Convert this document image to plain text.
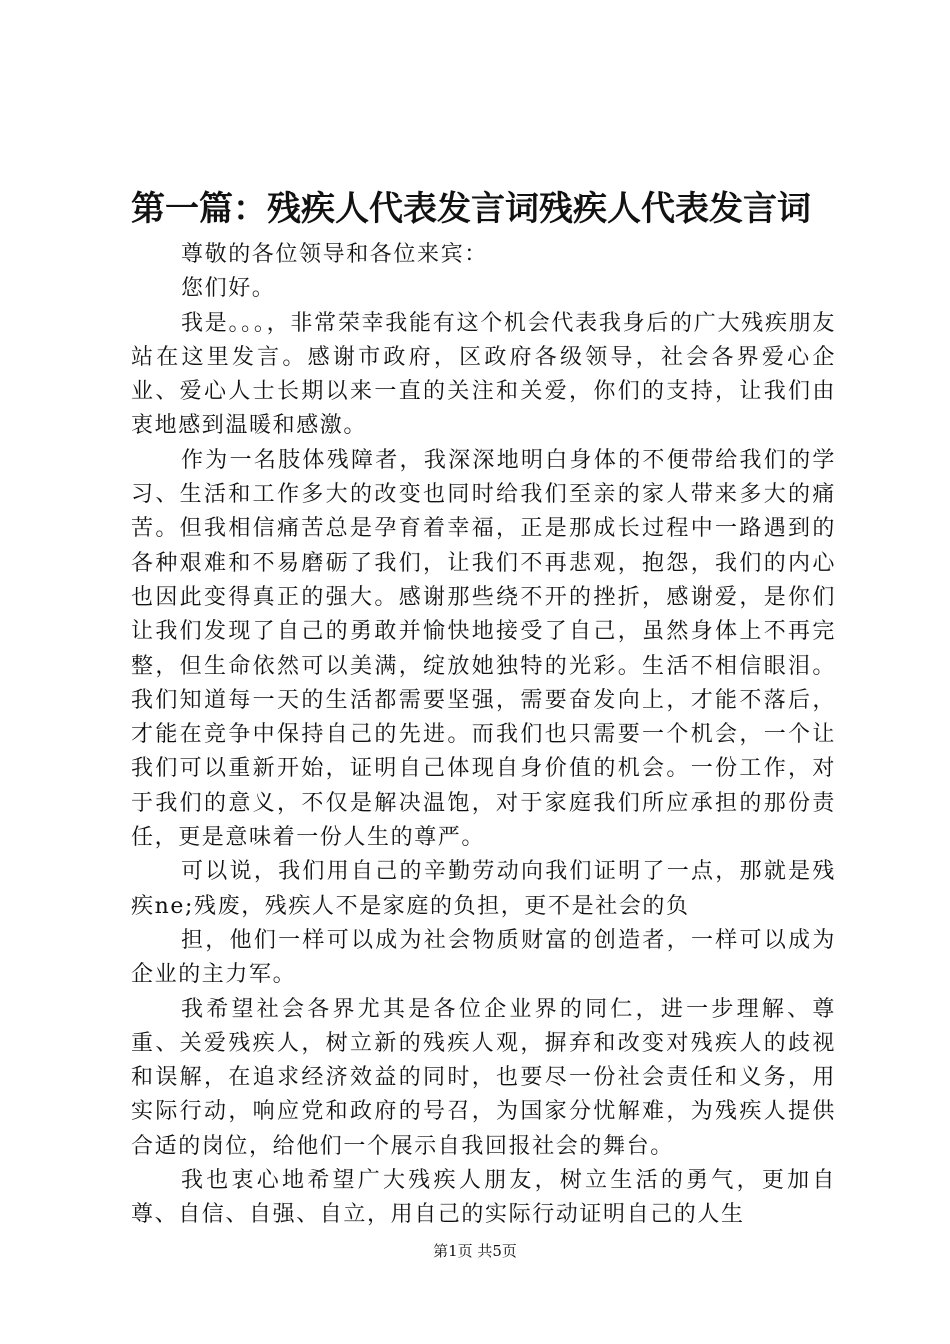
第一篇：残疾人代表发言词残疾人代表发言词

尊敬的各位领导和各位来宾：

您们好。

我是。。。，非常荣幸我能有这个机会代表我身后的广大残疾朋友站在这里发言。感谢市政府，区政府各级领导，社会各界爱心企业、爱心人士长期以来一直的关注和关爱，你们的支持，让我们由衷地感到温暖和感激。

作为一名肢体残障者，我深深地明白身体的不便带给我们的学习、生活和工作多大的改变也同时给我们至亲的家人带来多大的痛苦。但我相信痛苦总是孕育着幸福，正是那成长过程中一路遇到的各种艰难和不易磨砺了我们，让我们不再悲观，抱怨，我们的内心也因此变得真正的强大。感谢那些绕不开的挫折，感谢爱，是你们让我们发现了自己的勇敢并愉快地接受了自己，虽然身体上不再完整，但生命依然可以美满，绽放她独特的光彩。生活不相信眼泪。我们知道每一天的生活都需要坚强，需要奋发向上，才能不落后，才能在竞争中保持自己的先进。而我们也只需要一个机会，一个让我们可以重新开始，证明自己体现自身价值的机会。一份工作，对于我们的意义，不仅是解决温饱，对于家庭我们所应承担的那份责任，更是意味着一份人生的尊严。

可以说，我们用自己的辛勤劳动向我们证明了一点，那就是残疾ne;残废，残疾人不是家庭的负担，更不是社会的负

担，他们一样可以成为社会物质财富的创造者，一样可以成为企业的主力军。

我希望社会各界尤其是各位企业界的同仁，进一步理解、尊重、关爱残疾人，树立新的残疾人观，摒弃和改变对残疾人的歧视和误解，在追求经济效益的同时，也要尽一份社会责任和义务，用实际行动，响应党和政府的号召，为国家分忧解难，为残疾人提供合适的岗位，给他们一个展示自我回报社会的舞台。

我也衷心地希望广大残疾人朋友，树立生活的勇气，更加自尊、自信、自强、自立，用自己的实际行动证明自己的人生

第1页 共5页
